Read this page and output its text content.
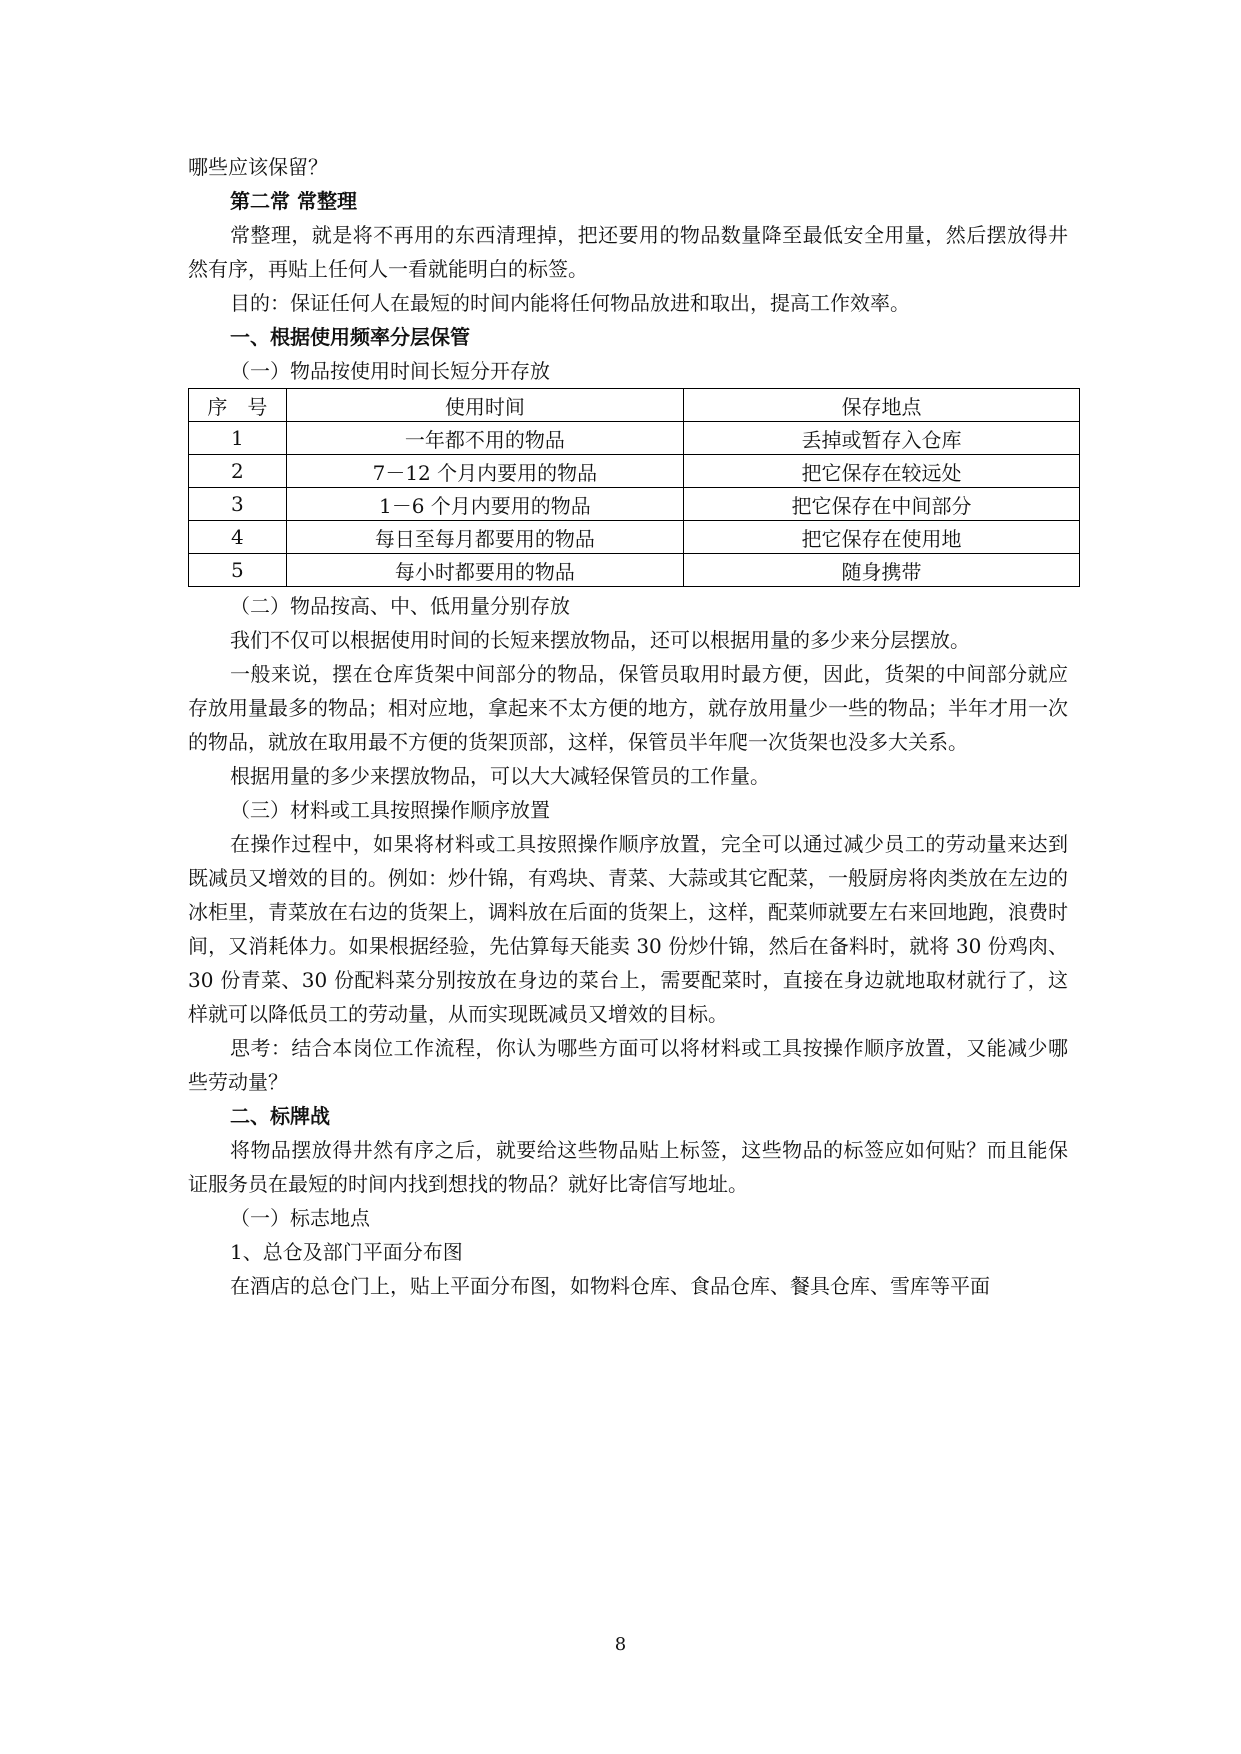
哪些应该保留？

第二常 常整理

常整理，就是将不再用的东西清理掉，把还要用的物品数量降至最低安全用量，然后摆放得井然有序，再贴上任何人一看就能明白的标签。

目的：保证任何人在最短的时间内能将任何物品放进和取出，提高工作效率。

一、根据使用频率分层保管

（一）物品按使用时间长短分开存放

序　号	使用时间	保存地点
1	一年都不用的物品	丢掉或暂存入仓库
2	7－12 个月内要用的物品	把它保存在较远处
3	1－6 个月内要用的物品	把它保存在中间部分
4	每日至每月都要用的物品	把它保存在使用地
5	每小时都要用的物品	随身携带

（二）物品按高、中、低用量分别存放

我们不仅可以根据使用时间的长短来摆放物品，还可以根据用量的多少来分层摆放。

一般来说，摆在仓库货架中间部分的物品，保管员取用时最方便，因此，货架的中间部分就应存放用量最多的物品；相对应地，拿起来不太方便的地方，就存放用量少一些的物品；半年才用一次的物品，就放在取用最不方便的货架顶部，这样，保管员半年爬一次货架也没多大关系。

根据用量的多少来摆放物品，可以大大减轻保管员的工作量。

（三）材料或工具按照操作顺序放置

在操作过程中，如果将材料或工具按照操作顺序放置，完全可以通过减少员工的劳动量来达到既减员又增效的目的。例如：炒什锦，有鸡块、青菜、大蒜或其它配菜，一般厨房将肉类放在左边的冰柜里，青菜放在右边的货架上，调料放在后面的货架上，这样，配菜师就要左右来回地跑，浪费时间，又消耗体力。如果根据经验，先估算每天能卖 30 份炒什锦，然后在备料时，就将 30 份鸡肉、30 份青菜、30 份配料菜分别按放在身边的菜台上，需要配菜时，直接在身边就地取材就行了，这样就可以降低员工的劳动量，从而实现既减员又增效的目标。

思考：结合本岗位工作流程，你认为哪些方面可以将材料或工具按操作顺序放置，又能减少哪些劳动量？

二、标牌战

将物品摆放得井然有序之后，就要给这些物品贴上标签，这些物品的标签应如何贴？而且能保证服务员在最短的时间内找到想找的物品？就好比寄信写地址。

（一）标志地点

1、总仓及部门平面分布图

在酒店的总仓门上，贴上平面分布图，如物料仓库、食品仓库、餐具仓库、雪库等平面

8
